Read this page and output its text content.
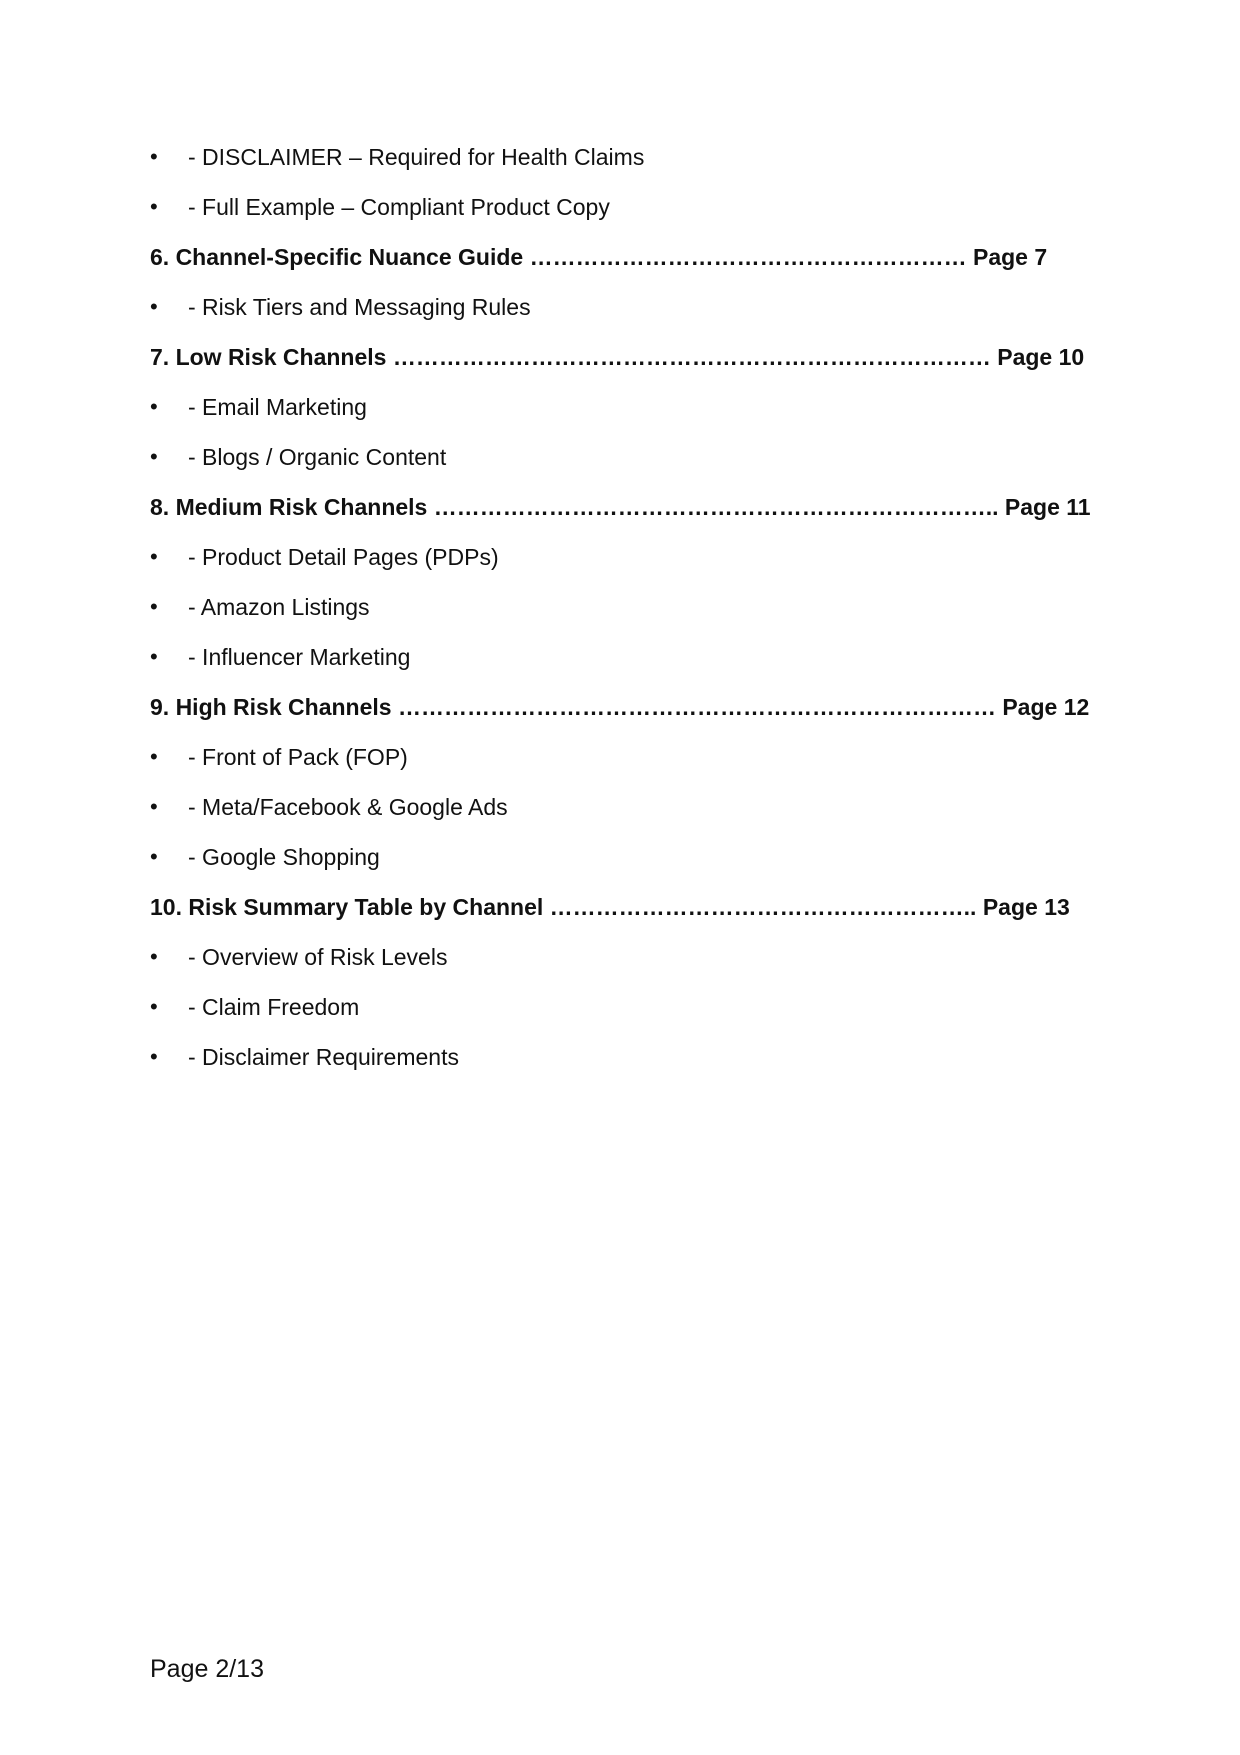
• - DISCLAIMER – Required for Health Claims
• - Full Example – Compliant Product Copy
6. Channel-Specific Nuance Guide ………………………………………………… Page 7
• - Risk Tiers and Messaging Rules
7. Low Risk Channels …………………………………………………………………… Page 10
• - Email Marketing
• - Blogs / Organic Content
8. Medium Risk Channels ……………………………………………………………….. Page 11
• - Product Detail Pages (PDPs)
• - Amazon Listings
• - Influencer Marketing
9. High Risk Channels …………………………………………………………………… Page 12
• - Front of Pack (FOP)
• - Meta/Facebook & Google Ads
• - Google Shopping
10. Risk Summary Table by Channel ……………………………………………….. Page 13
• - Overview of Risk Levels
• - Claim Freedom
• - Disclaimer Requirements
Page 2/13
